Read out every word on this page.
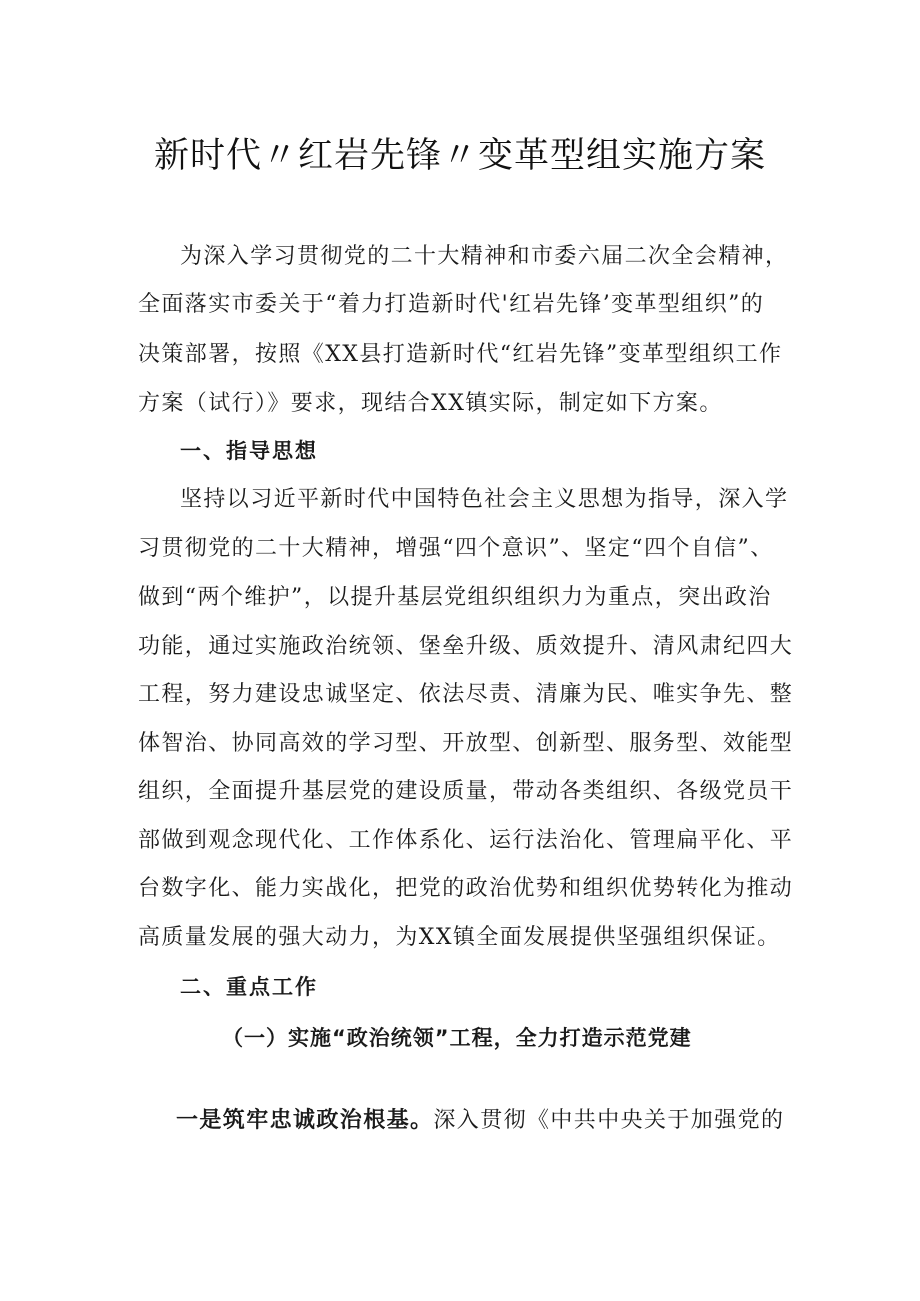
新时代〃红岩先锋〃变革型组实施方案
为深入学习贯彻党的二十大精神和市委六届二次全会精神，
全面落实市委关于“着力打造新时代'红岩先锋’变革型组织”的
决策部署，按照《XX县打造新时代“红岩先锋”变革型组织工作
方案（试行）》要求，现结合XX镇实际，制定如下方案。
一、指导思想
坚持以习近平新时代中国特色社会主义思想为指导，深入学
习贯彻党的二十大精神，增强“四个意识”、坚定“四个自信”、
做到“两个维护”，以提升基层党组织组织力为重点，突出政治
功能，通过实施政治统领、堡垒升级、质效提升、清风肃纪四大
工程，努力建设忠诚坚定、依法尽责、清廉为民、唯实争先、整
体智治、协同高效的学习型、开放型、创新型、服务型、效能型
组织，全面提升基层党的建设质量，带动各类组织、各级党员干
部做到观念现代化、工作体系化、运行法治化、管理扁平化、平
台数字化、能力实战化，把党的政治优势和组织优势转化为推动
高质量发展的强大动力，为XX镇全面发展提供坚强组织保证。
二、重点工作
（一）实施“政治统领”工程，全力打造示范党建
一是筑牢忠诚政治根基。深入贯彻《中共中央关于加强党的
